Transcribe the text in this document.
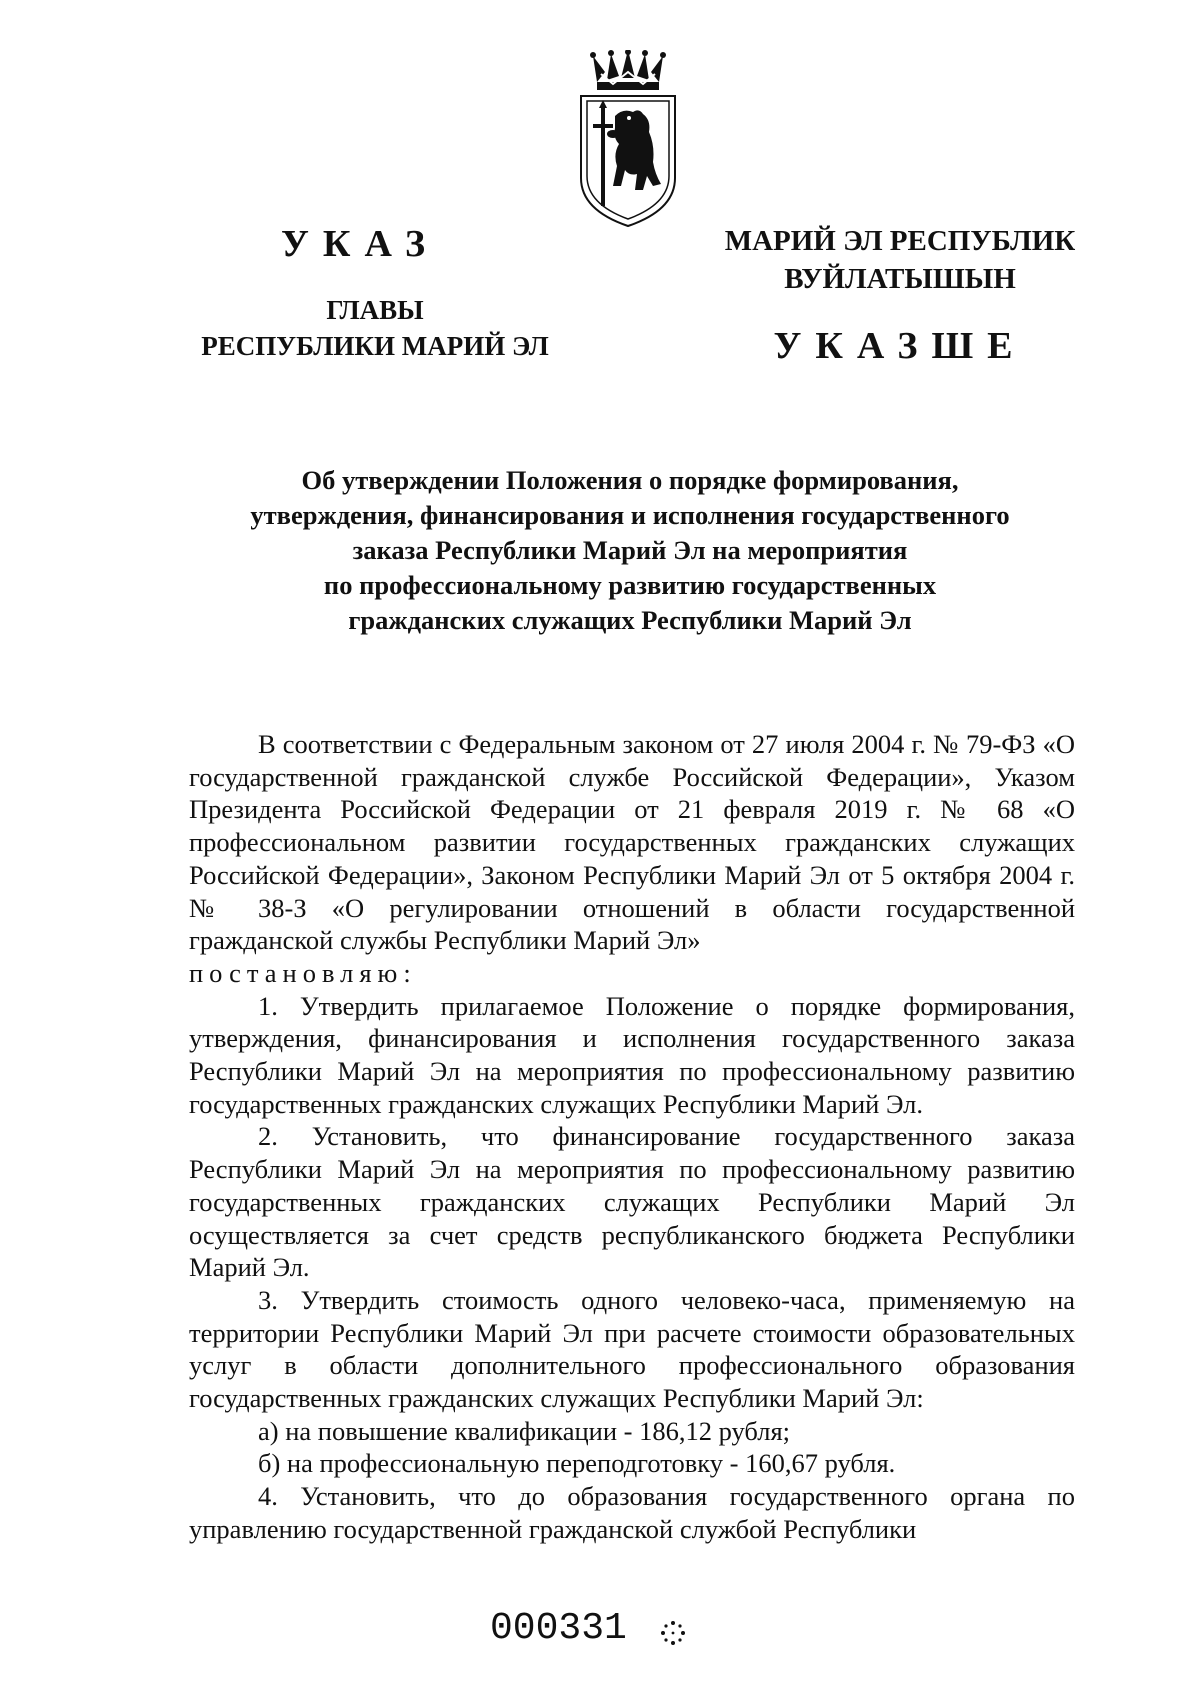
УКАЗ
ГЛАВЫ
РЕСПУБЛИКИ МАРИЙ ЭЛ
МАРИЙ ЭЛ РЕСПУБЛИК
ВУЙЛАТЫШЫН
УКАЗШЕ
Об утверждении Положения о порядке формирования,
утверждения, финансирования и исполнения государственного
заказа Республики Марий Эл на мероприятия
по профессиональному развитию государственных
гражданских служащих Республики Марий Эл

В соответствии с Федеральным законом от 27 июля 2004 г. № 79-ФЗ «О государственной гражданской службе Российской Федерации», Указом Президента Российской Федерации от 21 февраля 2019 г. № 68 «О профессиональном развитии государственных гражданских служащих Российской Федерации», Законом Республики Марий Эл от 5 октября 2004 г. № 38-З «О регулировании отношений в области государственной гражданской службы Республики Марий Эл»

постановляю:

1. Утвердить прилагаемое Положение о порядке формирования, утверждения, финансирования и исполнения государственного заказа Республики Марий Эл на мероприятия по профессиональному развитию государственных гражданских служащих Республики Марий Эл.

2. Установить, что финансирование государственного заказа Республики Марий Эл на мероприятия по профессиональному развитию государственных гражданских служащих Республики Марий Эл осуществляется за счет средств республиканского бюджета Республики Марий Эл.

3. Утвердить стоимость одного человеко-часа, применяемую на территории Республики Марий Эл при расчете стоимости образовательных услуг в области дополнительного профессионального образования государственных гражданских служащих Республики Марий Эл:

а) на повышение квалификации - 186,12 рубля;

б) на профессиональную переподготовку - 160,67 рубля.

4. Установить, что до образования государственного органа по управлению государственной гражданской службой Республики

000331
